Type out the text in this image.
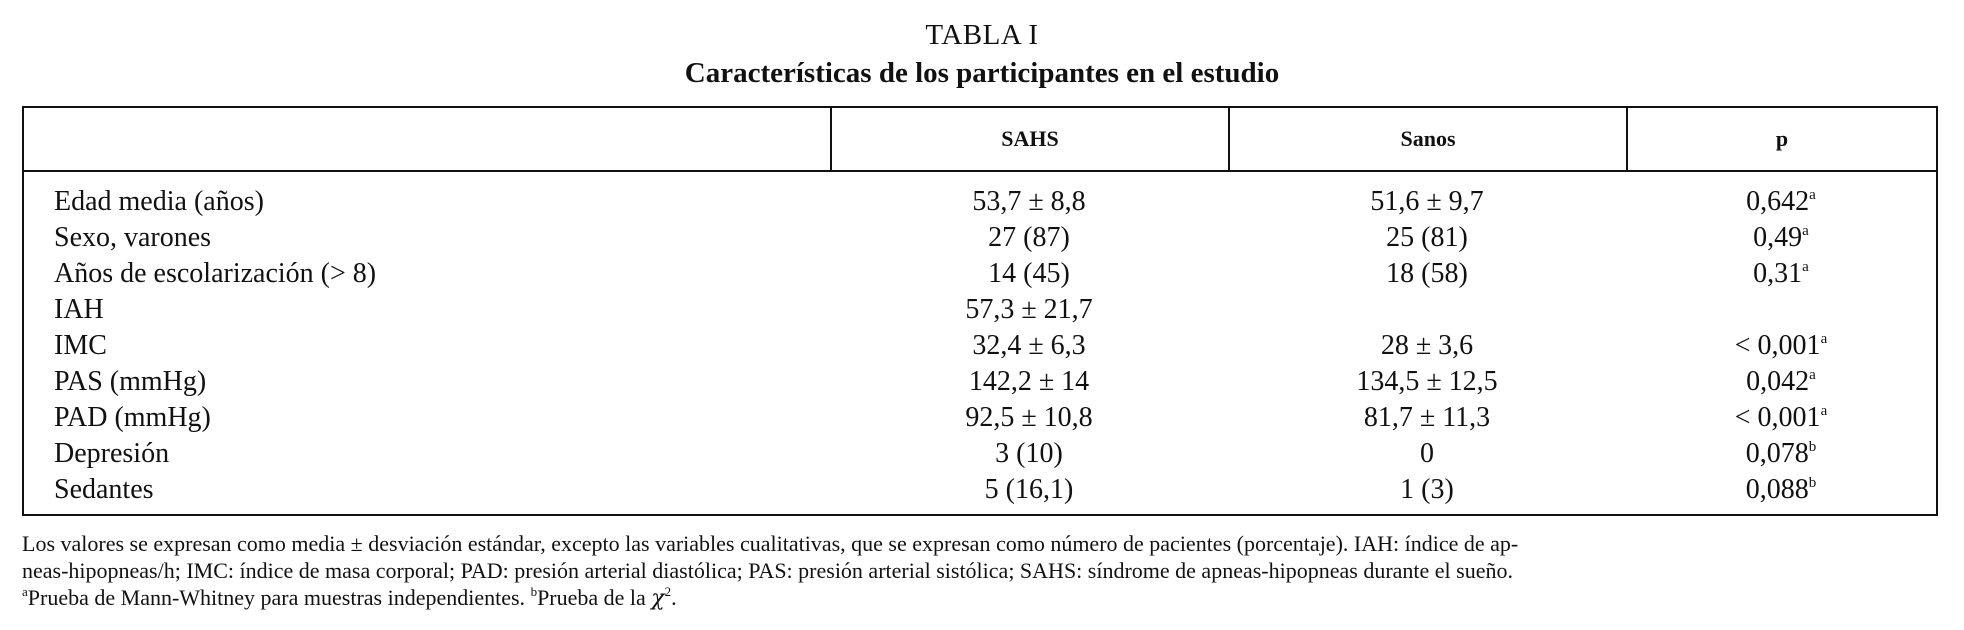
TABLA I
Características de los participantes en el estudio
SAHS	Sanos	p
Edad media (años)	53,7 ± 8,8	51,6 ± 9,7	0,642$^a$
Sexo, varones	27 (87)	25 (81)	0,49$^a$
Años de escolarización (> 8)	14 (45)	18 (58)	0,31$^a$
IAH	57,3 ± 21,7
IMC	32,4 ± 6,3	28 ± 3,6	< 0,001$^a$
PAS (mmHg)	142,2 ± 14	134,5 ± 12,5	0,042$^a$
PAD (mmHg)	92,5 ± 10,8	81,7 ± 11,3	< 0,001$^a$
Depresión	3 (10)	0	0,078$^b$
Sedantes	5 (16,1)	1 (3)	0,088$^b$
Los valores se expresan como media ± desviación estándar, excepto las variables cualitativas, que se expresan como número de pacientes (porcentaje). IAH: índice de ap-
neas-hipopneas/h; IMC: índice de masa corporal; PAD: presión arterial diastólica; PAS: presión arterial sistólica; SAHS: síndrome de apneas-hipopneas durante el sueño.
$^a$Prueba de Mann-Whitney para muestras independientes. $^b$Prueba de la $\chi^2$.
